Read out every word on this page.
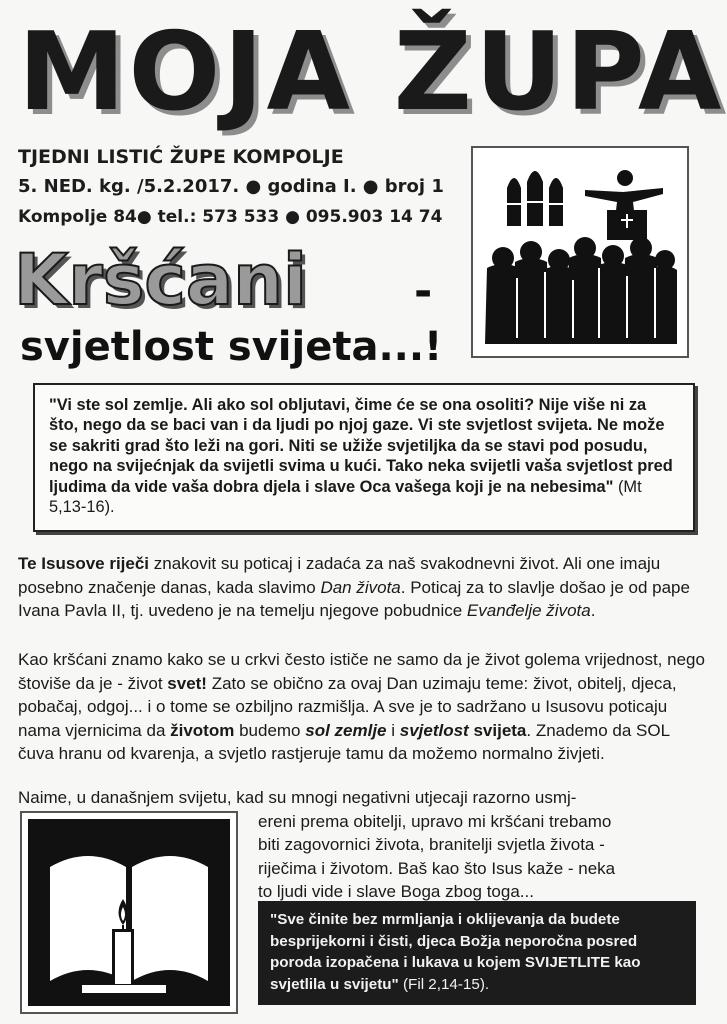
MOJA ŽUPA
TJEDNI LISTIĆ ŽUPE KOMPOLJE
5. NED. kg. /5.2.2017. ● godina I. ● broj 1
Kompolje 84● tel.: 573 533 ● 095.903 14 74
Kršćani -
svjetlost svijeta...!
"Vi ste sol zemlje. Ali ako sol obljutavi, čime će se ona osoliti? Nije više ni za što, nego da se baci van i da ljudi po njoj gaze. Vi ste svjetlost svijeta. Ne može se sakriti grad što leži na gori. Niti se užiže svjetiljka da se stavi pod posudu, nego na svijećnjak da svijetli svima u kući. Tako neka svijetli vaša svjetlost pred ljudima da vide vaša dobra djela i slave Oca vašega koji je na nebesima" (Mt 5,13-16).
Te Isusove riječi znakovit su poticaj i zadaća za naš svakodnevni život. Ali one imaju posebno značenje danas, kada slavimo Dan života. Poticaj za to slavlje došao je od pape Ivana Pavla II, tj. uvedeno je na temelju njegove pobudnice Evanđelje života.
Kao kršćani znamo kako se u crkvi često ističe ne samo da je život golema vrijednost, nego štoviše da je - život svet! Zato se obično za ovaj Dan uzimaju teme: život, obitelj, djeca, pobačaj, odgoj... i o tome se ozbiljno razmišlja. A sve je to sadržano u Isusovu poticaju nama vjernicima da životom budemo sol zemlje i svjetlost svijeta. Znademo da SOL čuva hranu od kvarenja, a svjetlo rastjeruje tamu da možemo normalno živjeti.
Naime, u današnjem svijetu, kad su mnogi negativni utjecaji razorno usmj-
ereni prema obitelji, upravo mi kršćani trebamo
biti zagovornici života, branitelji svjetla života -
riječima i životom. Baš kao što Isus kaže - neka
to ljudi vide i slave Boga zbog toga...
"Sve činite bez mrmljanja i oklijevanja da budete besprijekorni i čisti, djeca Božja neporočna posred poroda izopačena i lukava u kojem SVIJETLITE kao svjetlila u svijetu" (Fil 2,14-15).
